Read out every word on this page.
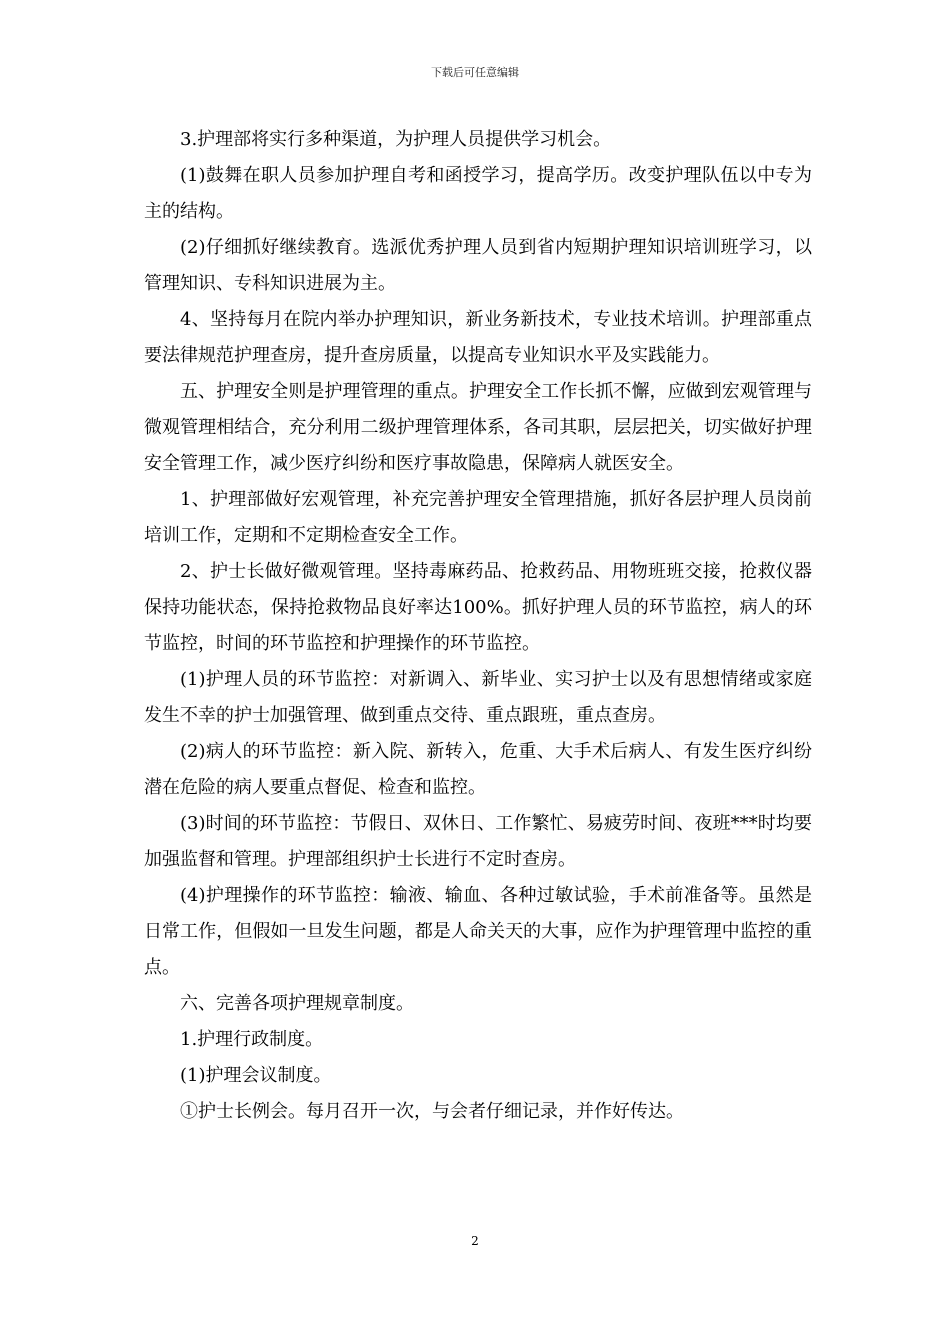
下载后可任意编辑

3.护理部将实行多种渠道，为护理人员提供学习机会。

(1)鼓舞在职人员参加护理自考和函授学习，提高学历。改变护理队伍以中专为主的结构。

(2)仔细抓好继续教育。选派优秀护理人员到省内短期护理知识培训班学习，以管理知识、专科知识进展为主。

4、坚持每月在院内举办护理知识，新业务新技术，专业技术培训。护理部重点要法律规范护理查房，提升查房质量，以提高专业知识水平及实践能力。

五、护理安全则是护理管理的重点。护理安全工作长抓不懈，应做到宏观管理与微观管理相结合，充分利用二级护理管理体系，各司其职，层层把关，切实做好护理安全管理工作，减少医疗纠纷和医疗事故隐患，保障病人就医安全。

1、护理部做好宏观管理，补充完善护理安全管理措施，抓好各层护理人员岗前培训工作，定期和不定期检查安全工作。

2、护士长做好微观管理。坚持毒麻药品、抢救药品、用物班班交接，抢救仪器保持功能状态，保持抢救物品良好率达100%。抓好护理人员的环节监控，病人的环节监控，时间的环节监控和护理操作的环节监控。

(1)护理人员的环节监控：对新调入、新毕业、实习护士以及有思想情绪或家庭发生不幸的护士加强管理、做到重点交待、重点跟班，重点查房。

(2)病人的环节监控：新入院、新转入，危重、大手术后病人、有发生医疗纠纷潜在危险的病人要重点督促、检查和监控。

(3)时间的环节监控：节假日、双休日、工作繁忙、易疲劳时间、夜班***时均要加强监督和管理。护理部组织护士长进行不定时查房。

(4)护理操作的环节监控：输液、输血、各种过敏试验，手术前准备等。虽然是日常工作，但假如一旦发生问题，都是人命关天的大事，应作为护理管理中监控的重点。

六、完善各项护理规章制度。

1.护理行政制度。

(1)护理会议制度。

①护士长例会。每月召开一次，与会者仔细记录，并作好传达。

2
